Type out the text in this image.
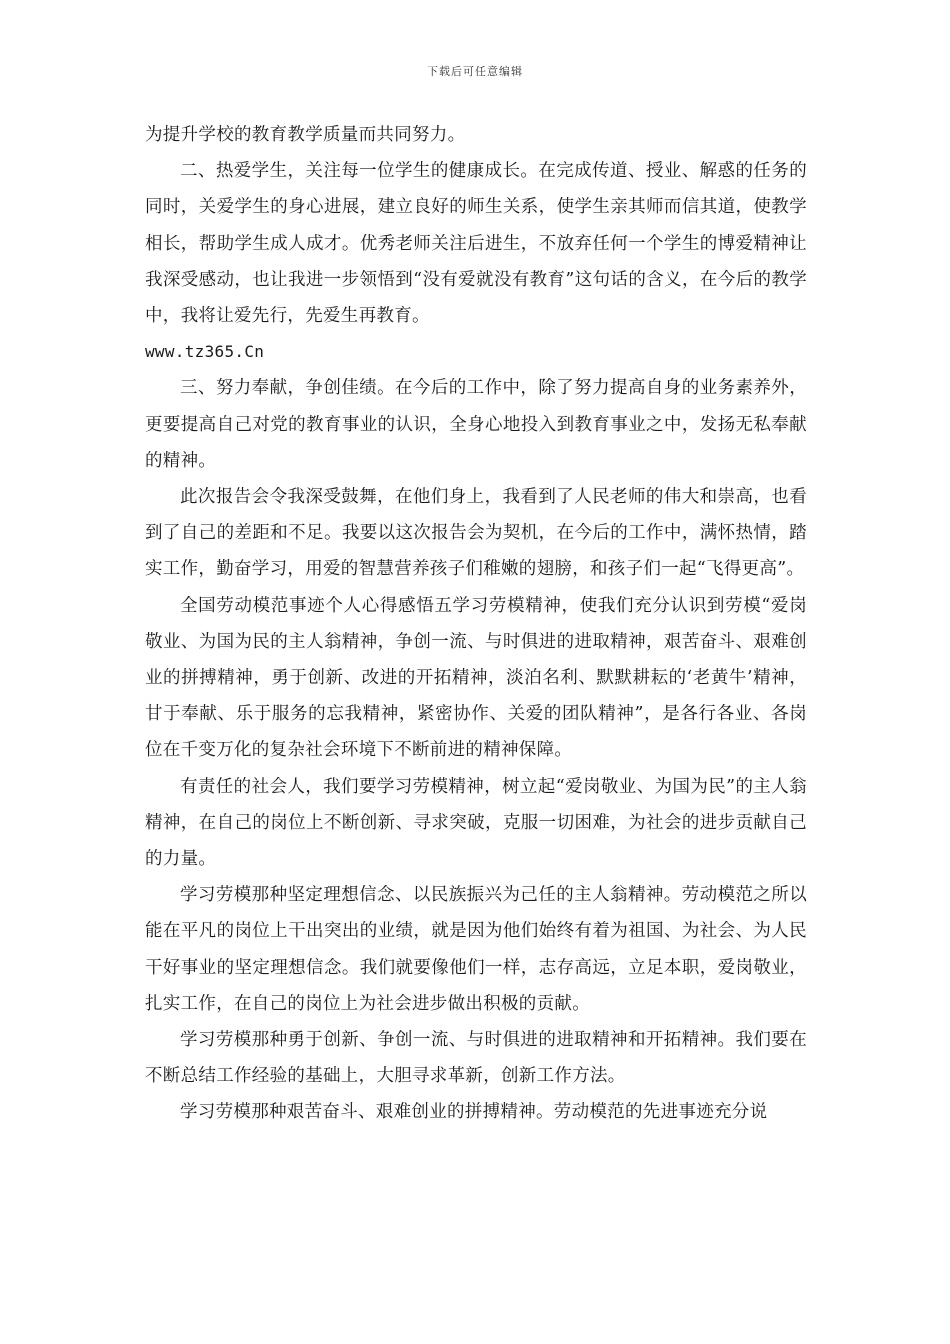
下载后可任意编辑

为提升学校的教育教学质量而共同努力。

二、热爱学生，关注每一位学生的健康成长。在完成传道、授业、解惑的任务的同时，关爱学生的身心进展，建立良好的师生关系，使学生亲其师而信其道，使教学相长，帮助学生成人成才。优秀老师关注后进生，不放弃任何一个学生的博爱精神让我深受感动，也让我进一步领悟到“没有爱就没有教育”这句话的含义，在今后的教学中，我将让爱先行，先爱生再教育。

www.tz365.Cn

三、努力奉献，争创佳绩。在今后的工作中，除了努力提高自身的业务素养外，更要提高自己对党的教育事业的认识，全身心地投入到教育事业之中，发扬无私奉献的精神。

此次报告会令我深受鼓舞，在他们身上，我看到了人民老师的伟大和崇高，也看到了自己的差距和不足。我要以这次报告会为契机，在今后的工作中，满怀热情，踏实工作，勤奋学习，用爱的智慧营养孩子们稚嫩的翅膀，和孩子们一起“飞得更高”。

全国劳动模范事迹个人心得感悟五学习劳模精神，使我们充分认识到劳模“爱岗敬业、为国为民的主人翁精神，争创一流、与时俱进的进取精神，艰苦奋斗、艰难创业的拼搏精神，勇于创新、改进的开拓精神，淡泊名利、默默耕耘的‘老黄牛’精神，甘于奉献、乐于服务的忘我精神，紧密协作、关爱的团队精神”，是各行各业、各岗位在千变万化的复杂社会环境下不断前进的精神保障。

有责任的社会人，我们要学习劳模精神，树立起“爱岗敬业、为国为民”的主人翁精神，在自己的岗位上不断创新、寻求突破，克服一切困难，为社会的进步贡献自己的力量。

学习劳模那种坚定理想信念、以民族振兴为己任的主人翁精神。劳动模范之所以能在平凡的岗位上干出突出的业绩，就是因为他们始终有着为祖国、为社会、为人民干好事业的坚定理想信念。我们就要像他们一样，志存高远，立足本职，爱岗敬业，扎实工作，在自己的岗位上为社会进步做出积极的贡献。

学习劳模那种勇于创新、争创一流、与时俱进的进取精神和开拓精神。我们要在不断总结工作经验的基础上，大胆寻求革新，创新工作方法。

学习劳模那种艰苦奋斗、艰难创业的拼搏精神。劳动模范的先进事迹充分说
